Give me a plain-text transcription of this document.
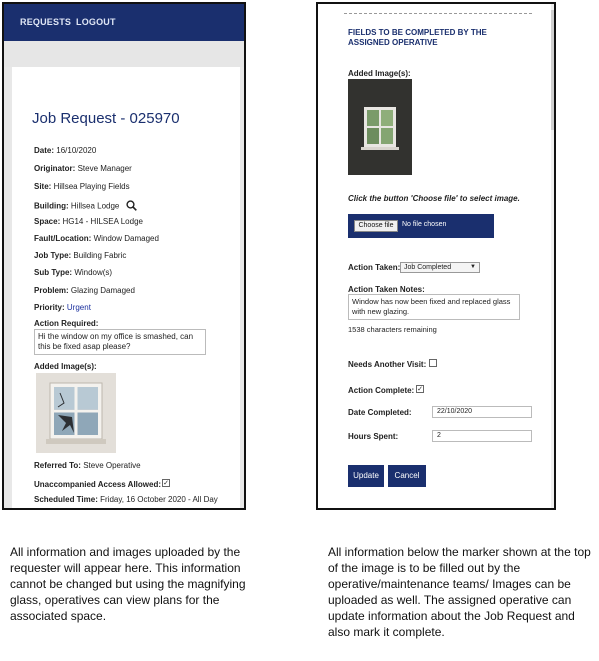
REQUESTS LOGOUT
Job Request - 025970
Date: 16/10/2020
Originator: Steve Manager
Site: Hillsea Playing Fields
Building: Hillsea Lodge
Space: HG14 - HILSEA Lodge
Fault/Location: Window Damaged
Job Type: Building Fabric
Sub Type: Window(s)
Problem: Glazing Damaged
Priority: Urgent
Action Required:
Hi the window on my office is smashed, can this be fixed asap please?
Added Image(s):
Referred To: Steve Operative
Unaccompanied Access Allowed: ✓
Scheduled Time: Friday, 16 October 2020 - All Day
FIELDS TO BE COMPLETED BY THE ASSIGNED OPERATIVE
Added Image(s):
Click the button 'Choose file' to select image.
Choose file	No file chosen
Action Taken: Job Completed	▼
Action Taken Notes:
Window has now been fixed and replaced glass with new glazing.
1538 characters remaining
Needs Another Visit:
Action Complete: ✓
Date Completed:	22/10/2020
Hours Spent:	2
Update	Cancel
All information and images uploaded by the requester will appear here. This information cannot be changed but using the magnifying glass, operatives can view plans for the associated space.
All information below the marker shown at the top of the image is to be filled out by the operative/maintenance teams/ Images can be uploaded as well. The assigned operative can update information about the Job Request and also mark it complete.
